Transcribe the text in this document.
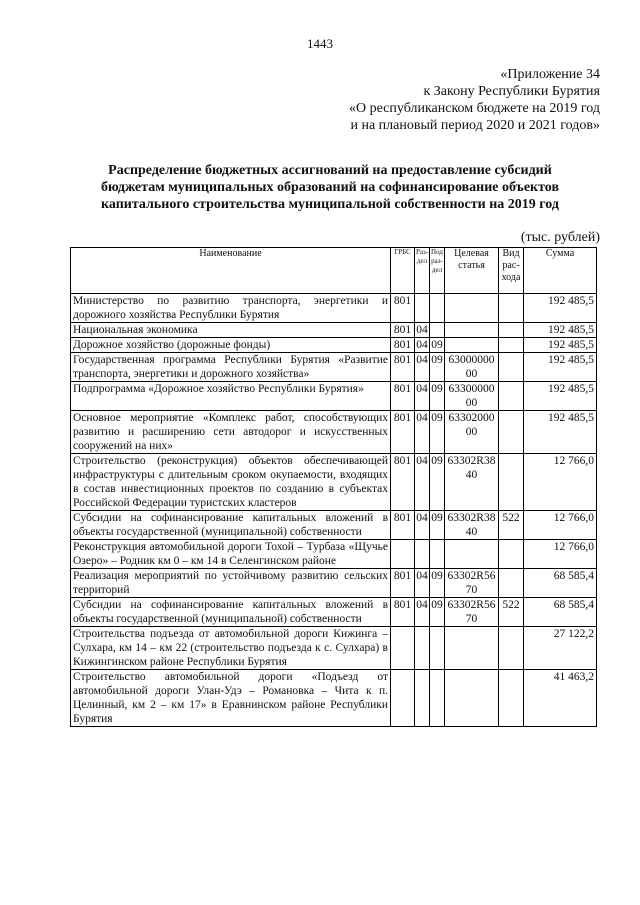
1443
«Приложение 34
к Закону Республики Бурятия
«О республиканском бюджете на 2019 год
и на плановый период 2020 и 2021 годов»
Распределение бюджетных ассигнований на предоставление субсидий
бюджетам муниципальных образований на софинансирование объектов
капитального строительства муниципальной собственности на 2019 год
(тыс. рублей)
Наименование	ГРБС	Раз-дел	Под раз-дел	Целевая статья	Вид рас-хода	Сумма
Министерство по развитию транспорта, энергетики и дорожного хозяйства Республики Бурятия	801					192 485,5
Национальная экономика	801	04				192 485,5
Дорожное хозяйство (дорожные фонды)	801	04	09			192 485,5
Государственная программа Республики Бурятия «Развитие транспорта, энергетики и дорожного хозяйства»	801	04	09	6300000000		192 485,5
Подпрограмма «Дорожное хозяйство Республики Бурятия»	801	04	09	6330000000		192 485,5
Основное мероприятие «Комплекс работ, способствующих развитию и расширению сети автодорог и искусственных сооружений на них»	801	04	09	6330200000		192 485,5
Строительство (реконструкция) объектов обеспечивающей инфраструктуры с длительным сроком окупаемости, входящих в состав инвестиционных проектов по созданию в субъектах Российской Федерации туристских кластеров	801	04	09	63302R3840		12 766,0
Субсидии на софинансирование капитальных вложений в объекты государственной (муниципальной) собственности	801	04	09	63302R3840	522	12 766,0
Реконструкция автомобильной дороги Тохой – Турбаза «Щучье Озеро» – Родник км 0 – км 14 в Селенгинском районе						12 766,0
Реализация мероприятий по устойчивому развитию сельских территорий	801	04	09	63302R5670		68 585,4
Субсидии на софинансирование капитальных вложений в объекты государственной (муниципальной) собственности	801	04	09	63302R5670	522	68 585,4
Строительства подъезда от автомобильной дороги Кижинга – Сулхара, км 14 – км 22 (строительство подъезда к с. Сулхара) в Кижингинском районе Республики Бурятия						27 122,2
Строительство автомобильной дороги «Подъезд от автомобильной дороги Улан-Удэ – Романовка – Чита к п. Целинный, км 2 – км 17» в Еравнинском районе Республики Бурятия						41 463,2
